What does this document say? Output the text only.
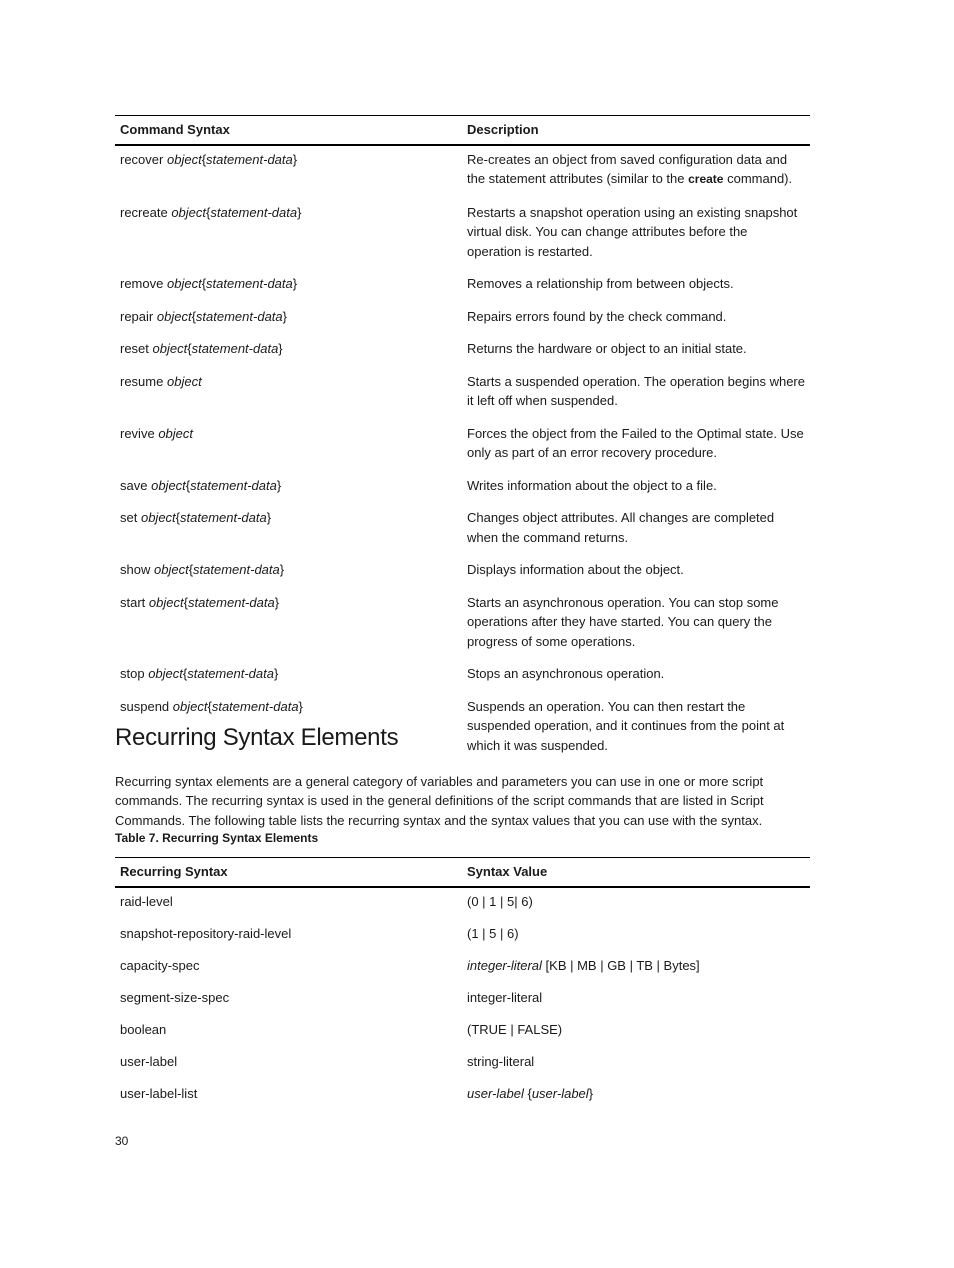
Command Syntax	Description
recover object{statement-data}	Re-creates an object from saved configuration data and the statement attributes (similar to the create command).
recreate object{statement-data}	Restarts a snapshot operation using an existing snapshot virtual disk. You can change attributes before the operation is restarted.
remove object{statement-data}	Removes a relationship from between objects.
repair object{statement-data}	Repairs errors found by the check command.
reset object{statement-data}	Returns the hardware or object to an initial state.
resume object	Starts a suspended operation. The operation begins where it left off when suspended.
revive object	Forces the object from the Failed to the Optimal state. Use only as part of an error recovery procedure.
save object{statement-data}	Writes information about the object to a file.
set object{statement-data}	Changes object attributes. All changes are completed when the command returns.
show object{statement-data}	Displays information about the object.
start object{statement-data}	Starts an asynchronous operation. You can stop some operations after they have started. You can query the progress of some operations.
stop object{statement-data}	Stops an asynchronous operation.
suspend object{statement-data}	Suspends an operation. You can then restart the suspended operation, and it continues from the point at which it was suspended.
Recurring Syntax Elements

Recurring syntax elements are a general category of variables and parameters you can use in one or more script commands. The recurring syntax is used in the general definitions of the script commands that are listed in Script Commands. The following table lists the recurring syntax and the syntax values that you can use with the syntax.

Table 7. Recurring Syntax Elements

Recurring Syntax	Syntax Value
raid-level	(0 | 1 | 5| 6)
snapshot-repository-raid-level	(1 | 5 | 6)
capacity-spec	integer-literal [KB | MB | GB | TB | Bytes]
segment-size-spec	integer-literal
boolean	(TRUE | FALSE)
user-label	string-literal
user-label-list	user-label {user-label}
30
